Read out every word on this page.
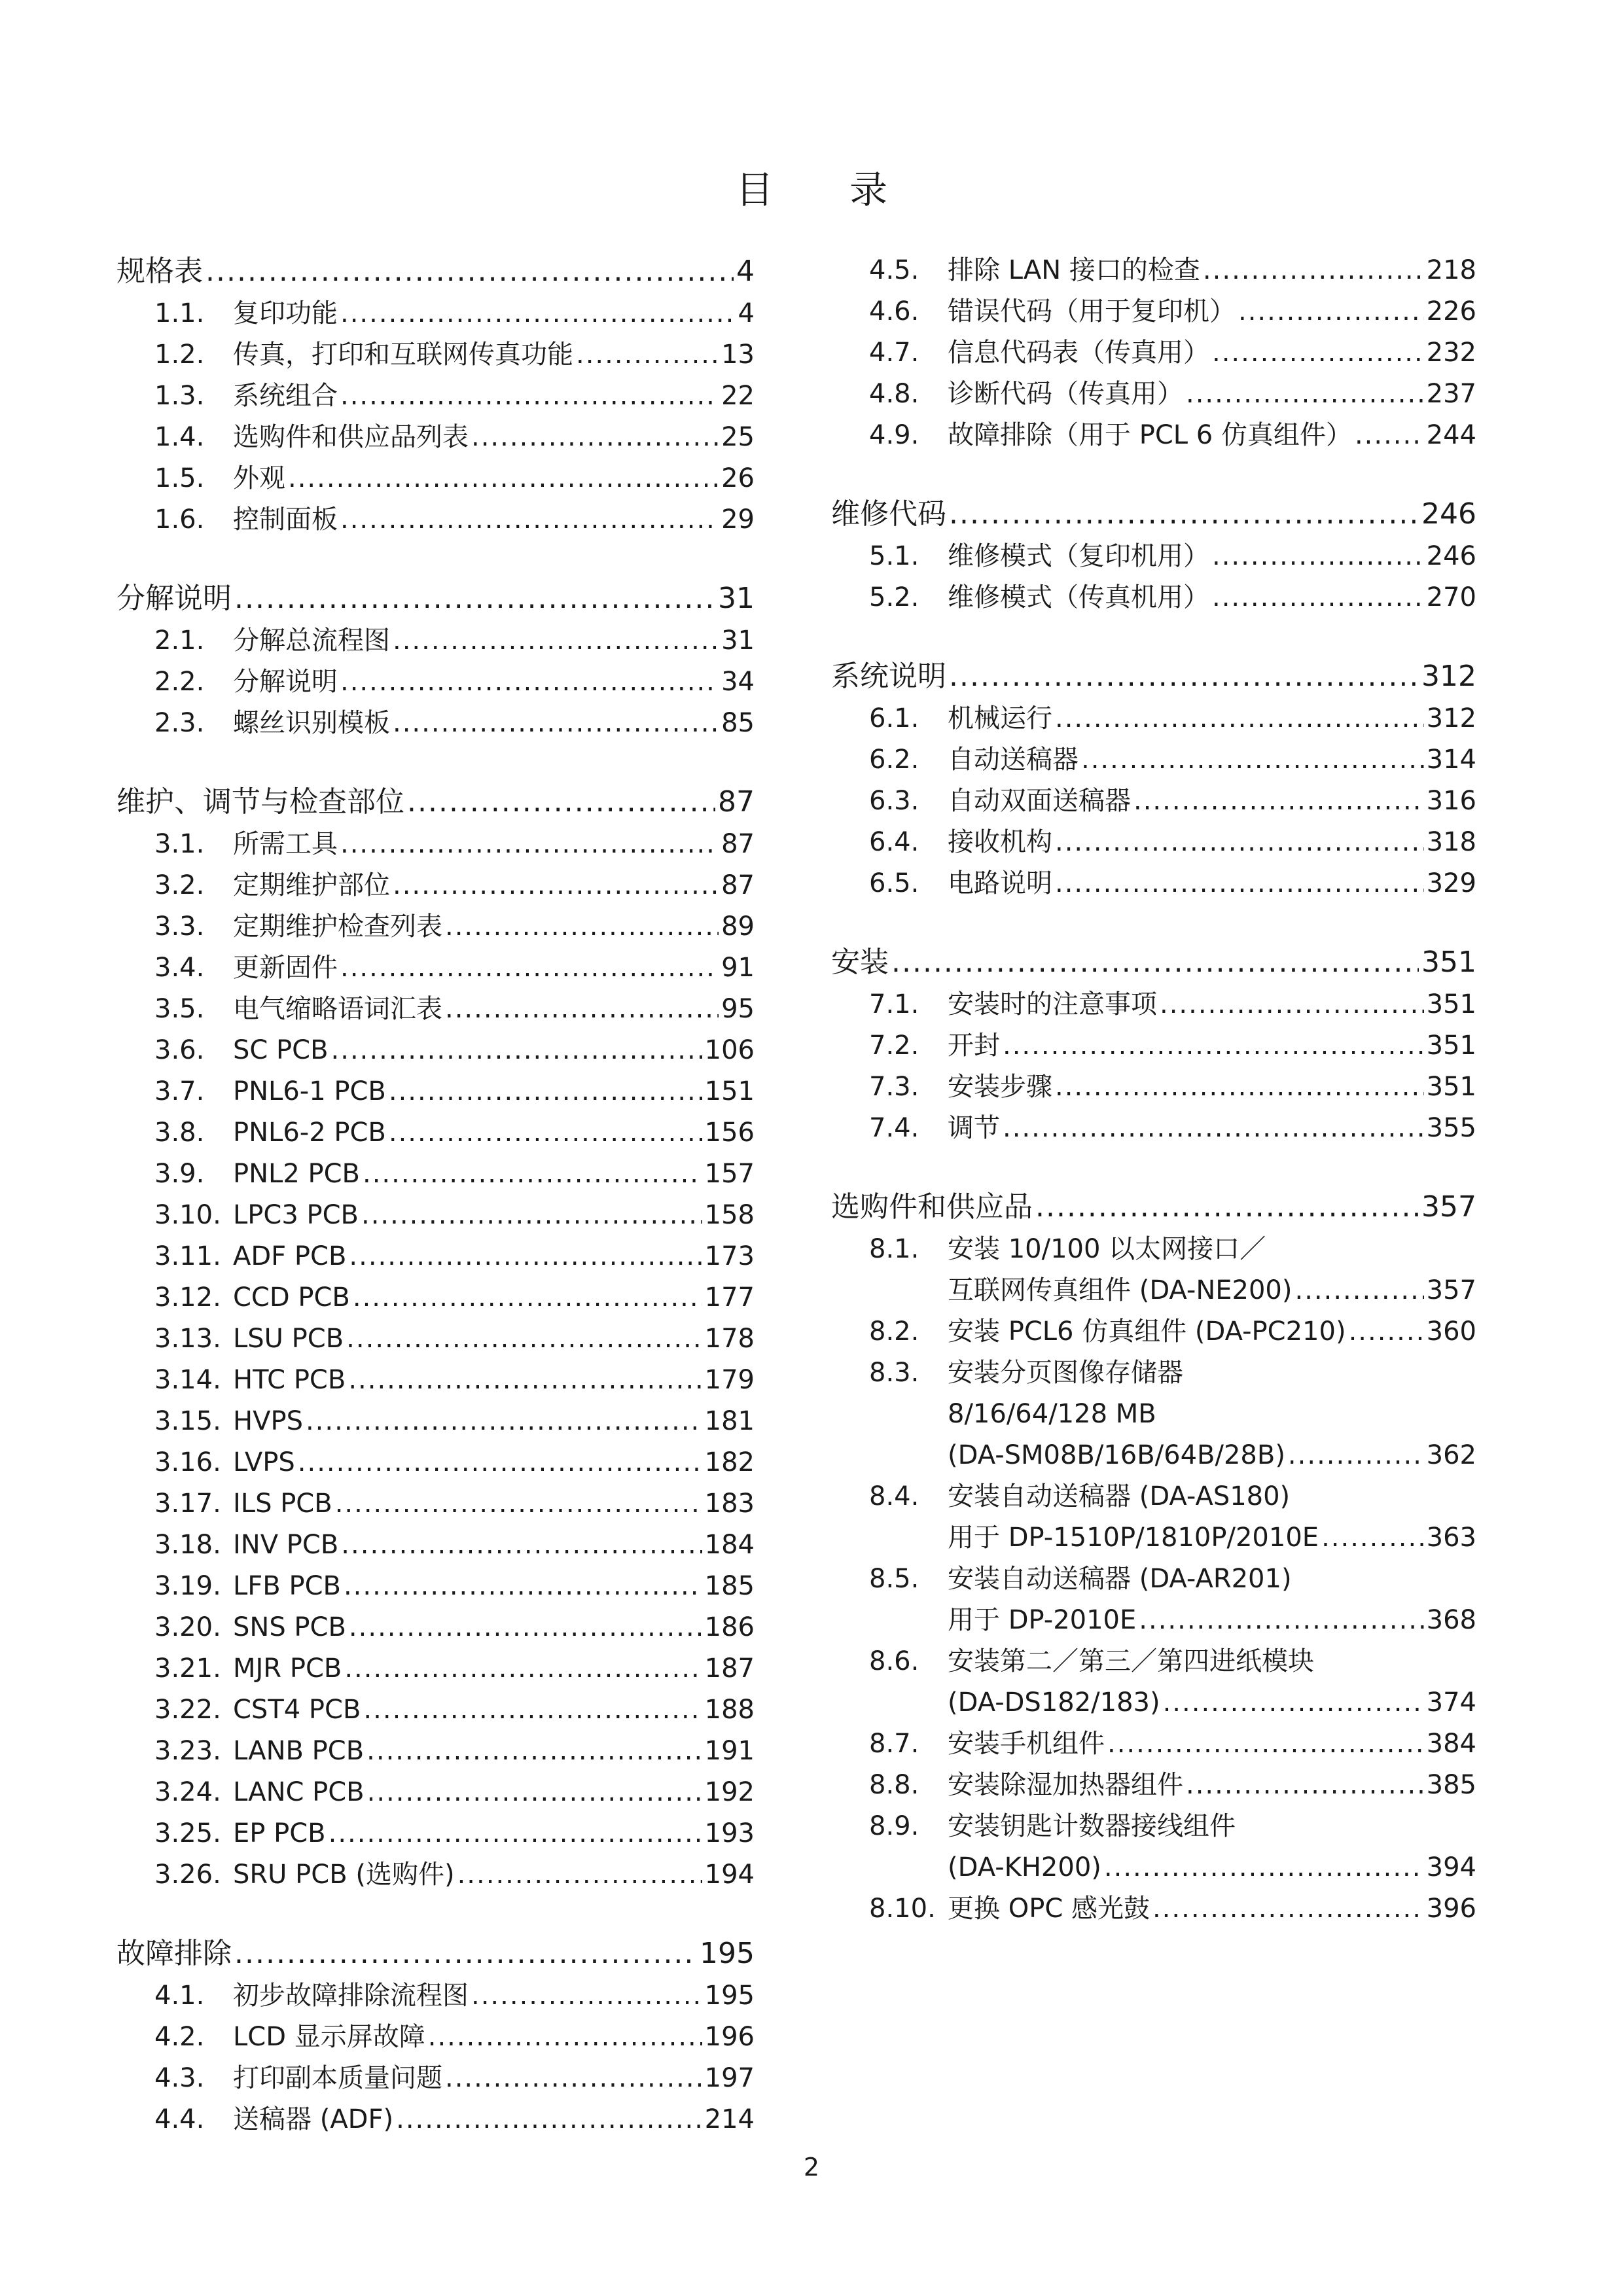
目　　录
规格表 .....	4
1.1.	复印功能 .....	4
1.2.	传真，打印和互联网传真功能 .....	13
1.3.	系统组合 .....	22
1.4.	选购件和供应品列表 .....	25
1.5.	外观 .....	26
1.6.	控制面板 .....	29
分解说明 .....	31
2.1.	分解总流程图 .....	31
2.2.	分解说明 .....	34
2.3.	螺丝识别模板 .....	85
维护、调节与检查部位 .....	87
3.1.	所需工具 .....	87
3.2.	定期维护部位 .....	87
3.3.	定期维护检查列表 .....	89
3.4.	更新固件 .....	91
3.5.	电气缩略语词汇表 .....	95
3.6.	SC PCB .....	106
3.7.	PNL6-1 PCB .....	151
3.8.	PNL6-2 PCB .....	156
3.9.	PNL2 PCB .....	157
3.10. LPC3 PCB .....	158
3.11. ADF PCB .....	173
3.12. CCD PCB .....	177
3.13. LSU PCB .....	178
3.14. HTC PCB .....	179
3.15. HVPS .....	181
3.16. LVPS .....	182
3.17. ILS PCB .....	183
3.18. INV PCB .....	184
3.19. LFB PCB .....	185
3.20. SNS PCB .....	186
3.21. MJR PCB .....	187
3.22. CST4 PCB .....	188
3.23. LANB PCB .....	191
3.24. LANC PCB .....	192
3.25. EP PCB .....	193
3.26. SRU PCB (选购件) .....	194
故障排除 .....	195
4.1.	初步故障排除流程图 .....	195
4.2.	LCD 显示屏故障 .....	196
4.3.	打印副本质量问题 .....	197
4.4.	送稿器 (ADF) .....	214
4.5.	排除 LAN 接口的检查 .....	218
4.6.	错误代码（用于复印机） .....	226
4.7.	信息代码表（传真用） .....	232
4.8.	诊断代码（传真用） .....	237
4.9.	故障排除（用于 PCL 6 仿真组件） .....	244
维修代码 .....	246
5.1.	维修模式（复印机用） .....	246
5.2.	维修模式（传真机用） .....	270
系统说明 .....	312
6.1.	机械运行 .....	312
6.2.	自动送稿器 .....	314
6.3.	自动双面送稿器 .....	316
6.4.	接收机构 .....	318
6.5.	电路说明 .....	329
安装 .....	351
7.1.	安装时的注意事项 .....	351
7.2.	开封 .....	351
7.3.	安装步骤 .....	351
7.4.	调节 .....	355
选购件和供应品 .....	357
8.1.	安装 10/100 以太网接口／
互联网传真组件 (DA-NE200) .....	357
8.2.	安装 PCL6 仿真组件 (DA-PC210) .....	360
8.3.	安装分页图像存储器
8/16/64/128 MB
(DA-SM08B/16B/64B/28B) .....	362
8.4.	安装自动送稿器 (DA-AS180)
用于 DP-1510P/1810P/2010E .....	363
8.5.	安装自动送稿器 (DA-AR201)
用于 DP-2010E .....	368
8.6.	安装第二／第三／第四进纸模块
(DA-DS182/183) .....	374
8.7.	安装手机组件 .....	384
8.8.	安装除湿加热器组件 .....	385
8.9.	安装钥匙计数器接线组件
(DA-KH200) .....	394
8.10. 更换 OPC 感光鼓 .....	396
2
